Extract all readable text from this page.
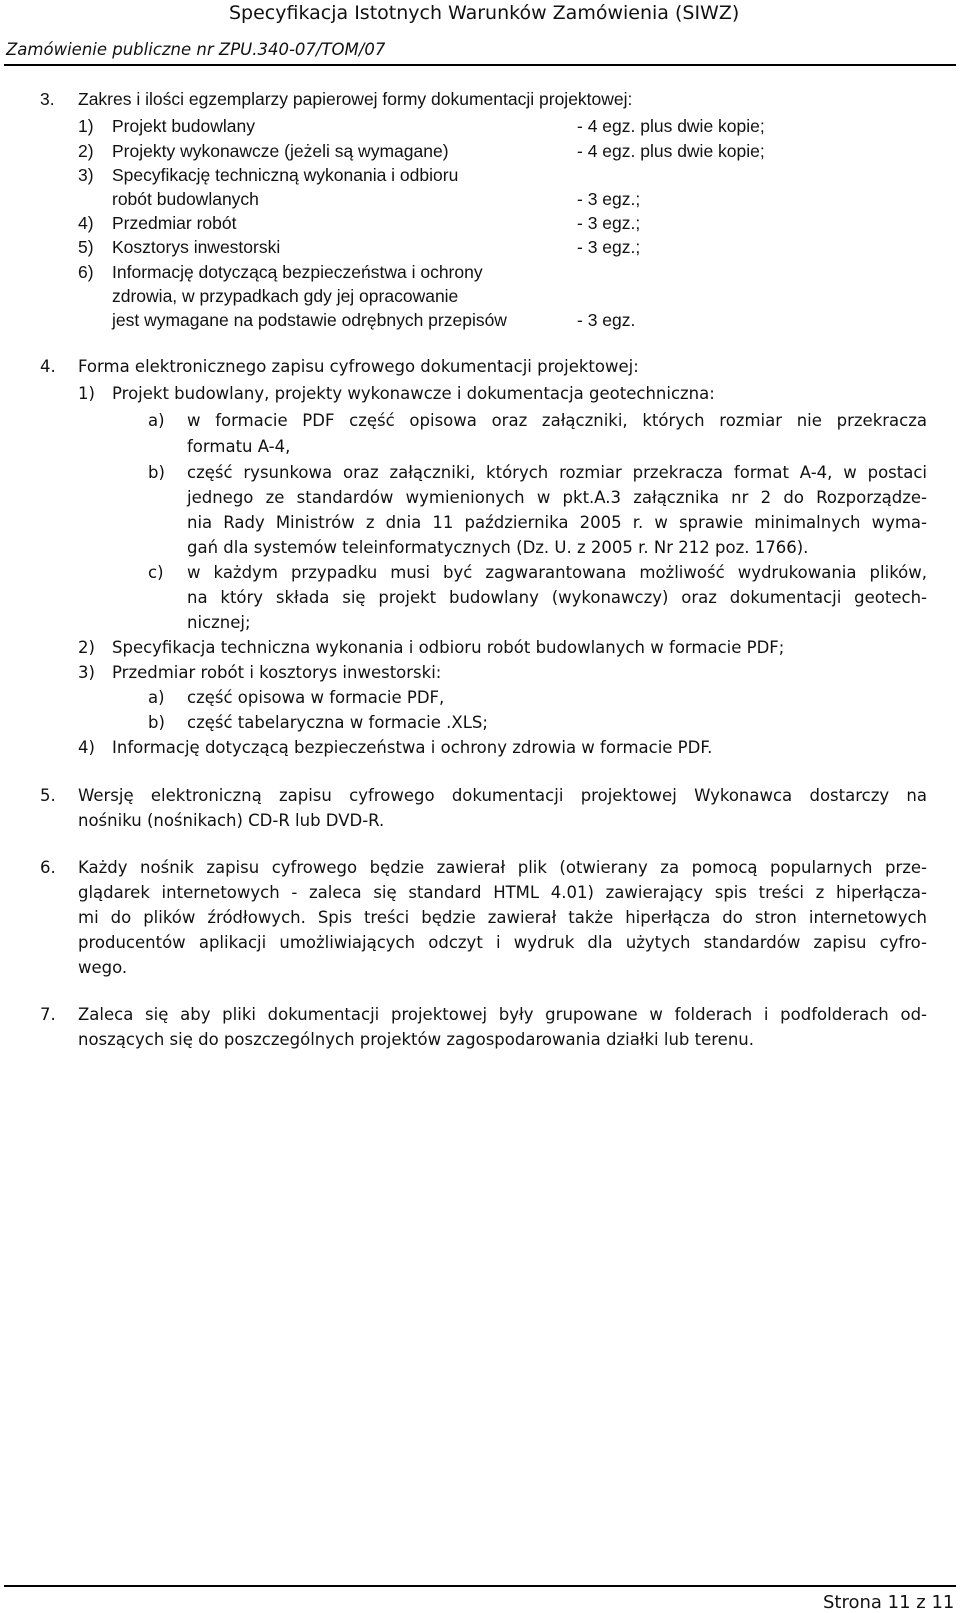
Specyfikacja Istotnych Warunków Zamówienia (SIWZ)
Zamówienie publiczne nr ZPU.340-07/TOM/07
3. Zakres i ilości egzemplarzy papierowej formy dokumentacji projektowej:
1) Projekt budowlany	- 4 egz. plus dwie kopie;
2) Projekty wykonawcze (jeżeli są wymagane)	- 4 egz. plus dwie kopie;
3) Specyfikację techniczną wykonania i odbioru
robót budowlanych	- 3 egz.;
4) Przedmiar robót	- 3 egz.;
5) Kosztorys inwestorski	- 3 egz.;
6) Informację dotyczącą bezpieczeństwa i ochrony
zdrowia, w przypadkach gdy jej opracowanie
jest wymagane na podstawie odrębnych przepisów	- 3 egz.
4. Forma elektronicznego zapisu cyfrowego dokumentacji projektowej:
1) Projekt budowlany, projekty wykonawcze i dokumentacja geotechniczna:
a) w formacie PDF część opisowa oraz załączniki, których rozmiar nie przekracza
formatu A-4,
b) część rysunkowa oraz załączniki, których rozmiar przekracza format A-4, w postaci
jednego ze standardów wymienionych w pkt.A.3 załącznika nr 2 do Rozporządze-
nia Rady Ministrów z dnia 11 października 2005 r. w sprawie minimalnych wyma-
gań dla systemów teleinformatycznych (Dz. U. z 2005 r. Nr 212 poz. 1766).
c) w każdym przypadku musi być zagwarantowana możliwość wydrukowania plików,
na który składa się projekt budowlany (wykonawczy) oraz dokumentacji geotech-
nicznej;
2) Specyfikacja techniczna wykonania i odbioru robót budowlanych w formacie PDF;
3) Przedmiar robót i kosztorys inwestorski:
a) część opisowa w formacie PDF,
b) część tabelaryczna w formacie .XLS;
4) Informację dotyczącą bezpieczeństwa i ochrony zdrowia w formacie PDF.
5. Wersję elektroniczną zapisu cyfrowego dokumentacji projektowej Wykonawca dostarczy na
nośniku (nośnikach) CD-R lub DVD-R.
6. Każdy nośnik zapisu cyfrowego będzie zawierał plik (otwierany za pomocą popularnych prze-
glądarek internetowych - zaleca się standard HTML 4.01) zawierający spis treści z hiperłącza-
mi do plików źródłowych. Spis treści będzie zawierał także hiperłącza do stron internetowych
producentów aplikacji umożliwiających odczyt i wydruk dla użytych standardów zapisu cyfro-
wego.
7. Zaleca się aby pliki dokumentacji projektowej były grupowane w folderach i podfolderach od-
noszących się do poszczególnych projektów zagospodarowania działki lub terenu.
Strona 11 z 11
